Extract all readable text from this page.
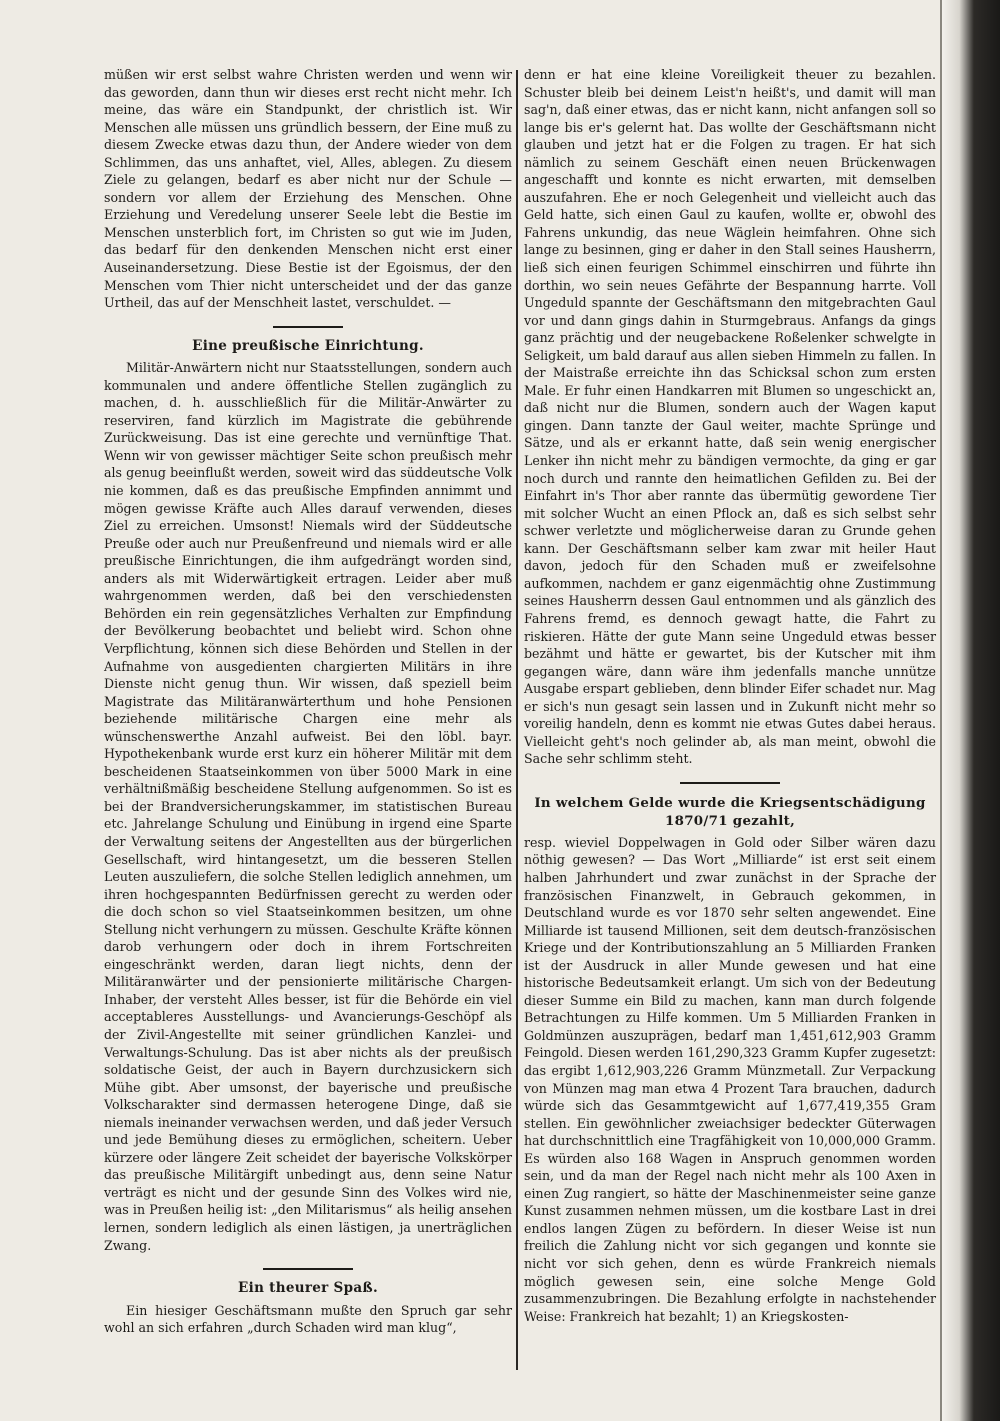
müßen wir erst selbst wahre Christen werden und wenn wir das geworden, dann thun wir dieses erst recht nicht mehr. Ich meine, das wäre ein Standpunkt, der christlich ist. Wir Menschen alle müssen uns gründlich bessern, der Eine muß zu diesem Zwecke etwas dazu thun, der Andere wieder von dem Schlimmen, das uns anhaftet, viel, Alles, ablegen. Zu diesem Ziele zu gelangen, bedarf es aber nicht nur der Schule — sondern vor allem der Erziehung des Menschen. Ohne Erziehung und Veredelung unserer Seele lebt die Bestie im Menschen unsterblich fort, im Christen so gut wie im Juden, das bedarf für den denkenden Menschen nicht erst einer Auseinandersetzung. Diese Bestie ist der Egoismus, der den Menschen vom Thier nicht unterscheidet und der das ganze Urtheil, das auf der Menschheit lastet, verschuldet. —

Eine preußische Einrichtung.

Militär-Anwärtern nicht nur Staatsstellungen, sondern auch kommunalen und andere öffentliche Stellen zugänglich zu machen, d. h. ausschließlich für die Militär-Anwärter zu reserviren, fand kürzlich im Magistrate die gebührende Zurückweisung. Das ist eine gerechte und vernünftige That. Wenn wir von gewisser mächtiger Seite schon preußisch mehr als genug beeinflußt werden, soweit wird das süddeutsche Volk nie kommen, daß es das preußische Empfinden annimmt und mögen gewisse Kräfte auch Alles darauf verwenden, dieses Ziel zu erreichen. Umsonst! Niemals wird der Süddeutsche Preuße oder auch nur Preußenfreund und niemals wird er alle preußische Einrichtungen, die ihm aufgedrängt worden sind, anders als mit Widerwärtigkeit ertragen. Leider aber muß wahrgenommen werden, daß bei den verschiedensten Behörden ein rein gegensätzliches Verhalten zur Empfindung der Bevölkerung beobachtet und beliebt wird. Schon ohne Verpflichtung, können sich diese Behörden und Stellen in der Aufnahme von ausgedienten chargierten Militärs in ihre Dienste nicht genug thun. Wir wissen, daß speziell beim Magistrate das Militäranwärterthum und hohe Pensionen beziehende militärische Chargen eine mehr als wünschenswerthe Anzahl aufweist. Bei den löbl. bayr. Hypothekenbank wurde erst kurz ein höherer Militär mit dem bescheidenen Staatseinkommen von über 5000 Mark in eine verhältnißmäßig bescheidene Stellung aufgenommen. So ist es bei der Brandversicherungskammer, im statistischen Bureau etc. Jahrelange Schulung und Einübung in irgend eine Sparte der Verwaltung seitens der Angestellten aus der bürgerlichen Gesellschaft, wird hintangesetzt, um die besseren Stellen Leuten auszuliefern, die solche Stellen lediglich annehmen, um ihren hochgespannten Bedürfnissen gerecht zu werden oder die doch schon so viel Staatseinkommen besitzen, um ohne Stellung nicht verhungern zu müssen. Geschulte Kräfte können darob verhungern oder doch in ihrem Fortschreiten eingeschränkt werden, daran liegt nichts, denn der Militäranwärter und der pensionierte militärische Chargen-Inhaber, der versteht Alles besser, ist für die Behörde ein viel acceptableres Ausstellungs- und Avancierungs-Geschöpf als der Zivil-Angestellte mit seiner gründlichen Kanzlei- und Verwaltungs-Schulung. Das ist aber nichts als der preußisch soldatische Geist, der auch in Bayern durchzusickern sich Mühe gibt. Aber umsonst, der bayerische und preußische Volkscharakter sind dermassen heterogene Dinge, daß sie niemals ineinander verwachsen werden, und daß jeder Versuch und jede Bemühung dieses zu ermöglichen, scheitern. Ueber kürzere oder längere Zeit scheidet der bayerische Volkskörper das preußische Militärgift unbedingt aus, denn seine Natur verträgt es nicht und der gesunde Sinn des Volkes wird nie, was in Preußen heilig ist: „den Militarismus“ als heilig ansehen lernen, sondern lediglich als einen lästigen, ja unerträglichen Zwang.

Ein theurer Spaß.

Ein hiesiger Geschäftsmann mußte den Spruch gar sehr wohl an sich erfahren „durch Schaden wird man klug“,

denn er hat eine kleine Voreiligkeit theuer zu bezahlen. Schuster bleib bei deinem Leist'n heißt's, und damit will man sag'n, daß einer etwas, das er nicht kann, nicht anfangen soll so lange bis er's gelernt hat. Das wollte der Geschäftsmann nicht glauben und jetzt hat er die Folgen zu tragen. Er hat sich nämlich zu seinem Geschäft einen neuen Brückenwagen angeschafft und konnte es nicht erwarten, mit demselben auszufahren. Ehe er noch Gelegenheit und vielleicht auch das Geld hatte, sich einen Gaul zu kaufen, wollte er, obwohl des Fahrens unkundig, das neue Wäglein heimfahren. Ohne sich lange zu besinnen, ging er daher in den Stall seines Hausherrn, ließ sich einen feurigen Schimmel einschirren und führte ihn dorthin, wo sein neues Gefährte der Bespannung harrte. Voll Ungeduld spannte der Geschäftsmann den mitgebrachten Gaul vor und dann gings dahin in Sturmgebraus. Anfangs da gings ganz prächtig und der neugebackene Roßelenker schwelgte in Seligkeit, um bald darauf aus allen sieben Himmeln zu fallen. In der Maistraße erreichte ihn das Schicksal schon zum ersten Male. Er fuhr einen Handkarren mit Blumen so ungeschickt an, daß nicht nur die Blumen, sondern auch der Wagen kaput gingen. Dann tanzte der Gaul weiter, machte Sprünge und Sätze, und als er erkannt hatte, daß sein wenig energischer Lenker ihn nicht mehr zu bändigen vermochte, da ging er gar noch durch und rannte den heimatlichen Gefilden zu. Bei der Einfahrt in's Thor aber rannte das übermütig gewordene Tier mit solcher Wucht an einen Pflock an, daß es sich selbst sehr schwer verletzte und möglicherweise daran zu Grunde gehen kann. Der Geschäftsmann selber kam zwar mit heiler Haut davon, jedoch für den Schaden muß er zweifelsohne aufkommen, nachdem er ganz eigenmächtig ohne Zustimmung seines Hausherrn dessen Gaul entnommen und als gänzlich des Fahrens fremd, es dennoch gewagt hatte, die Fahrt zu riskieren. Hätte der gute Mann seine Ungeduld etwas besser bezähmt und hätte er gewartet, bis der Kutscher mit ihm gegangen wäre, dann wäre ihm jedenfalls manche unnütze Ausgabe erspart geblieben, denn blinder Eifer schadet nur. Mag er sich's nun gesagt sein lassen und in Zukunft nicht mehr so voreilig handeln, denn es kommt nie etwas Gutes dabei heraus. Vielleicht geht's noch gelinder ab, als man meint, obwohl die Sache sehr schlimm steht.

In welchem Gelde wurde die Kriegsentschädigung 1870/71 gezahlt,

resp. wieviel Doppelwagen in Gold oder Silber wären dazu nöthig gewesen? — Das Wort „Milliarde“ ist erst seit einem halben Jahrhundert und zwar zunächst in der Sprache der französischen Finanzwelt, in Gebrauch gekommen, in Deutschland wurde es vor 1870 sehr selten angewendet. Eine Milliarde ist tausend Millionen, seit dem deutsch-französischen Kriege und der Kontributionszahlung an 5 Milliarden Franken ist der Ausdruck in aller Munde gewesen und hat eine historische Bedeutsamkeit erlangt. Um sich von der Bedeutung dieser Summe ein Bild zu machen, kann man durch folgende Betrachtungen zu Hilfe kommen. Um 5 Milliarden Franken in Goldmünzen auszuprägen, bedarf man 1,451,612,903 Gramm Feingold. Diesen werden 161,290,323 Gramm Kupfer zugesetzt: das ergibt 1,612,903,226 Gramm Münzmetall. Zur Verpackung von Münzen mag man etwa 4 Prozent Tara brauchen, dadurch würde sich das Gesammtgewicht auf 1,677,419,355 Gram stellen. Ein gewöhnlicher zweiachsiger bedeckter Güterwagen hat durchschnittlich eine Tragfähigkeit von 10,000,000 Gramm. Es würden also 168 Wagen in Anspruch genommen worden sein, und da man der Regel nach nicht mehr als 100 Axen in einen Zug rangiert, so hätte der Maschinenmeister seine ganze Kunst zusammen nehmen müssen, um die kostbare Last in drei endlos langen Zügen zu befördern. In dieser Weise ist nun freilich die Zahlung nicht vor sich gegangen und konnte sie nicht vor sich gehen, denn es würde Frankreich niemals möglich gewesen sein, eine solche Menge Gold zusammenzubringen. Die Bezahlung erfolgte in nachstehender Weise: Frankreich hat bezahlt; 1) an Kriegskosten-
